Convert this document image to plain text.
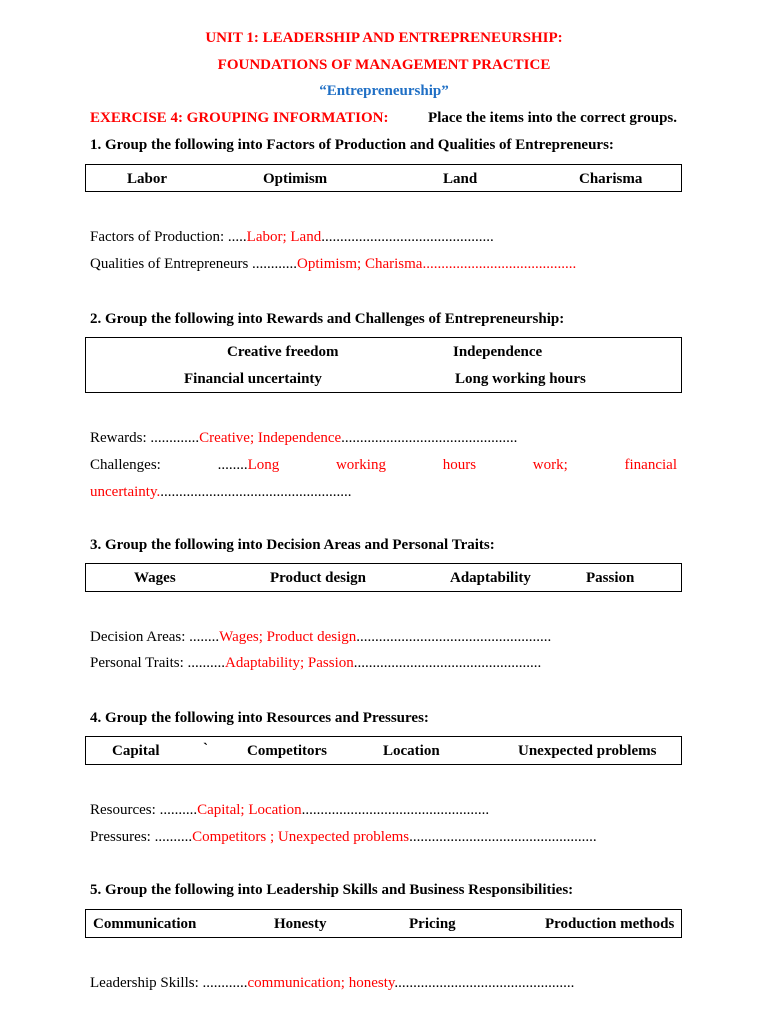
UNIT 1: LEADERSHIP AND ENTREPRENEURSHIP:
FOUNDATIONS OF MANAGEMENT PRACTICE
“Entrepreneurship”
EXERCISE 4: GROUPING INFORMATION:	Place the items into the correct groups.
1. Group the following into Factors of Production and Qualities of Entrepreneurs:
Labor	Optimism	Land	Charisma
Factors of Production: .....Labor; Land..............................................
Qualities of Entrepreneurs ............Optimism; Charisma.........................................
2. Group the following into Rewards and Challenges of Entrepreneurship:
Creative freedom	Independence
Financial uncertainty	Long working hours
Rewards: .............Creative; Independence...............................................
Challenges:	........Long	working	hours	work;	financial
uncertainty....................................................
3. Group the following into Decision Areas and Personal Traits:
Wages	Product design	Adaptability	Passion
Decision Areas: ........Wages; Product design....................................................
Personal Traits: ..........Adaptability; Passion..................................................
4. Group the following into Resources and Pressures:
Capital	`	Competitors	Location	Unexpected problems
Resources: ..........Capital; Location..................................................
Pressures: ..........Competitors ; Unexpected problems..................................................
5. Group the following into Leadership Skills and Business Responsibilities:
Communication	Honesty	Pricing	Production methods
Leadership Skills: ............communication; honesty................................................
